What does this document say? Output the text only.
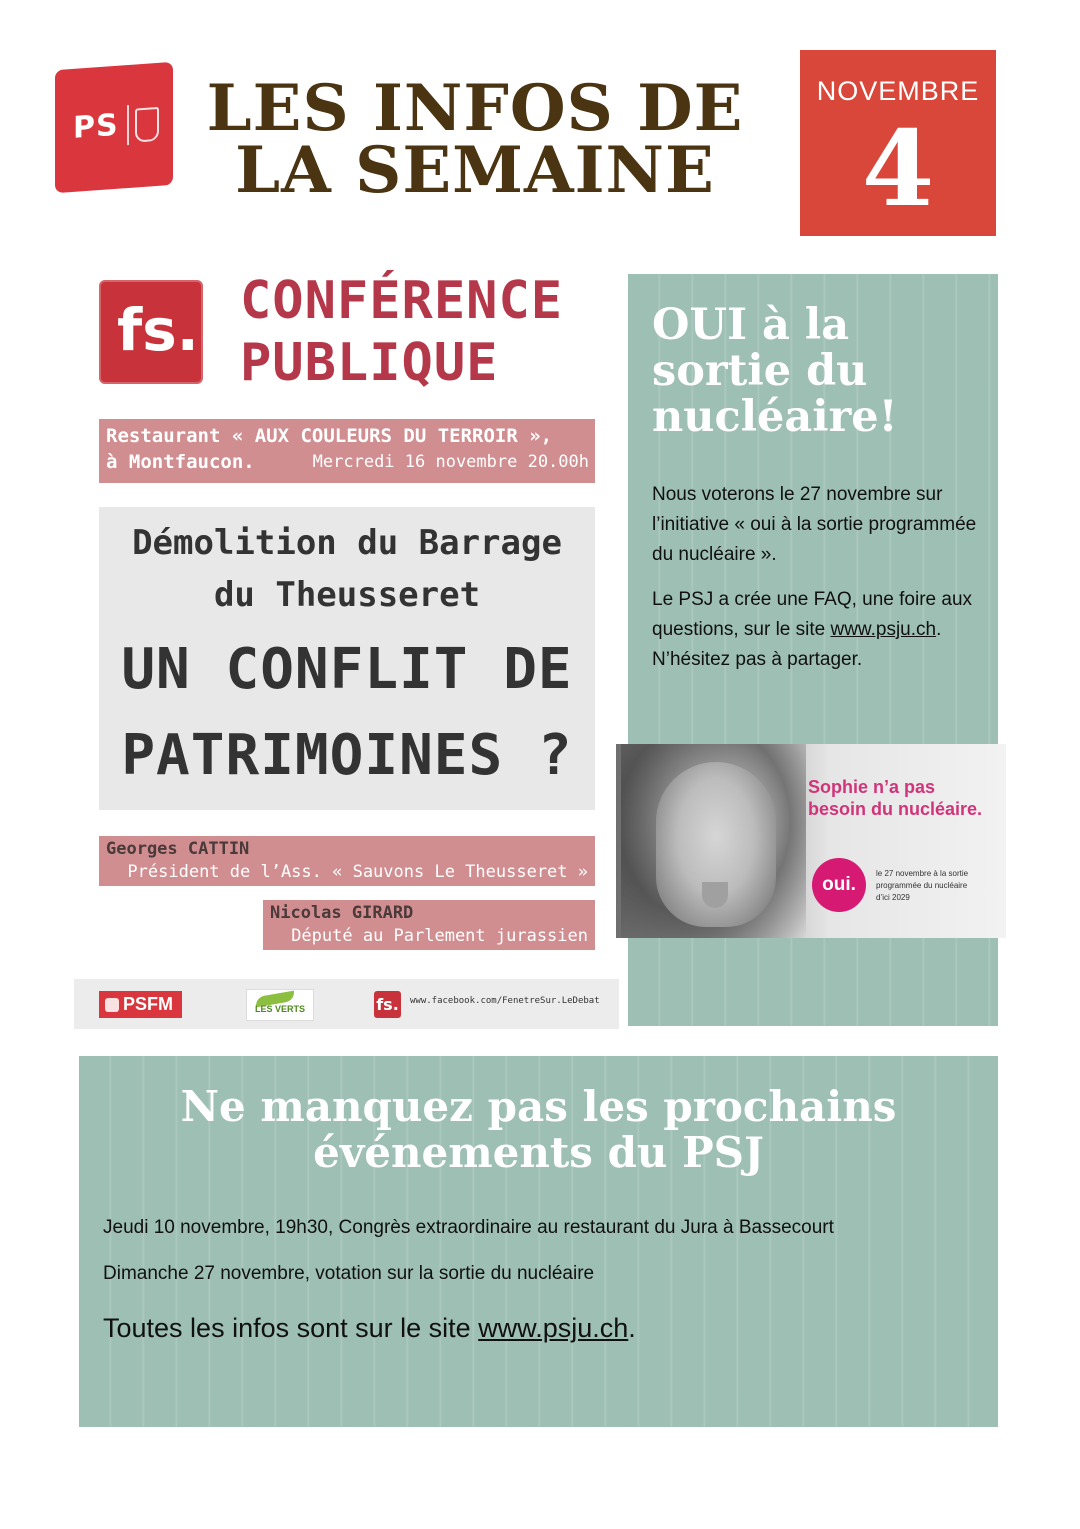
PS LES INFOS DE
LA SEMAINE
NOVEMBRE
4
fs. CONFÉRENCE
PUBLIQUE
Restaurant « AUX COULEURS DU TERROIR »,
à Montfaucon.	Mercredi 16 novembre 20.00h
Démolition du Barrage
du Theusseret
UN CONFLIT DE
PATRIMOINES ?
Georges CATTIN
Président de l’Ass. « Sauvons Le Theusseret »
Nicolas GIRARD
Député au Parlement jurassien
PSFM	LES VERTS	fs. www.facebook.com/FenetreSur.LeDebat
OUI à la
sortie du
nucléaire!
Nous voterons le 27 novembre sur l’initiative « oui à la sortie programmée du nucléaire ».
Le PSJ a crée une FAQ, une foire aux questions, sur le site www.psju.ch. N’hésitez pas à partager.
Sophie n’a pas
besoin du nucléaire.
oui.
le 27 novembre à la sortie
programmée du nucléaire
d’ici 2029
Ne manquez pas les prochains
événements du PSJ
Jeudi 10 novembre, 19h30, Congrès extraordinaire au restaurant du Jura à Bassecourt
Dimanche 27 novembre, votation sur la sortie du nucléaire
Toutes les infos sont sur le site www.psju.ch.
